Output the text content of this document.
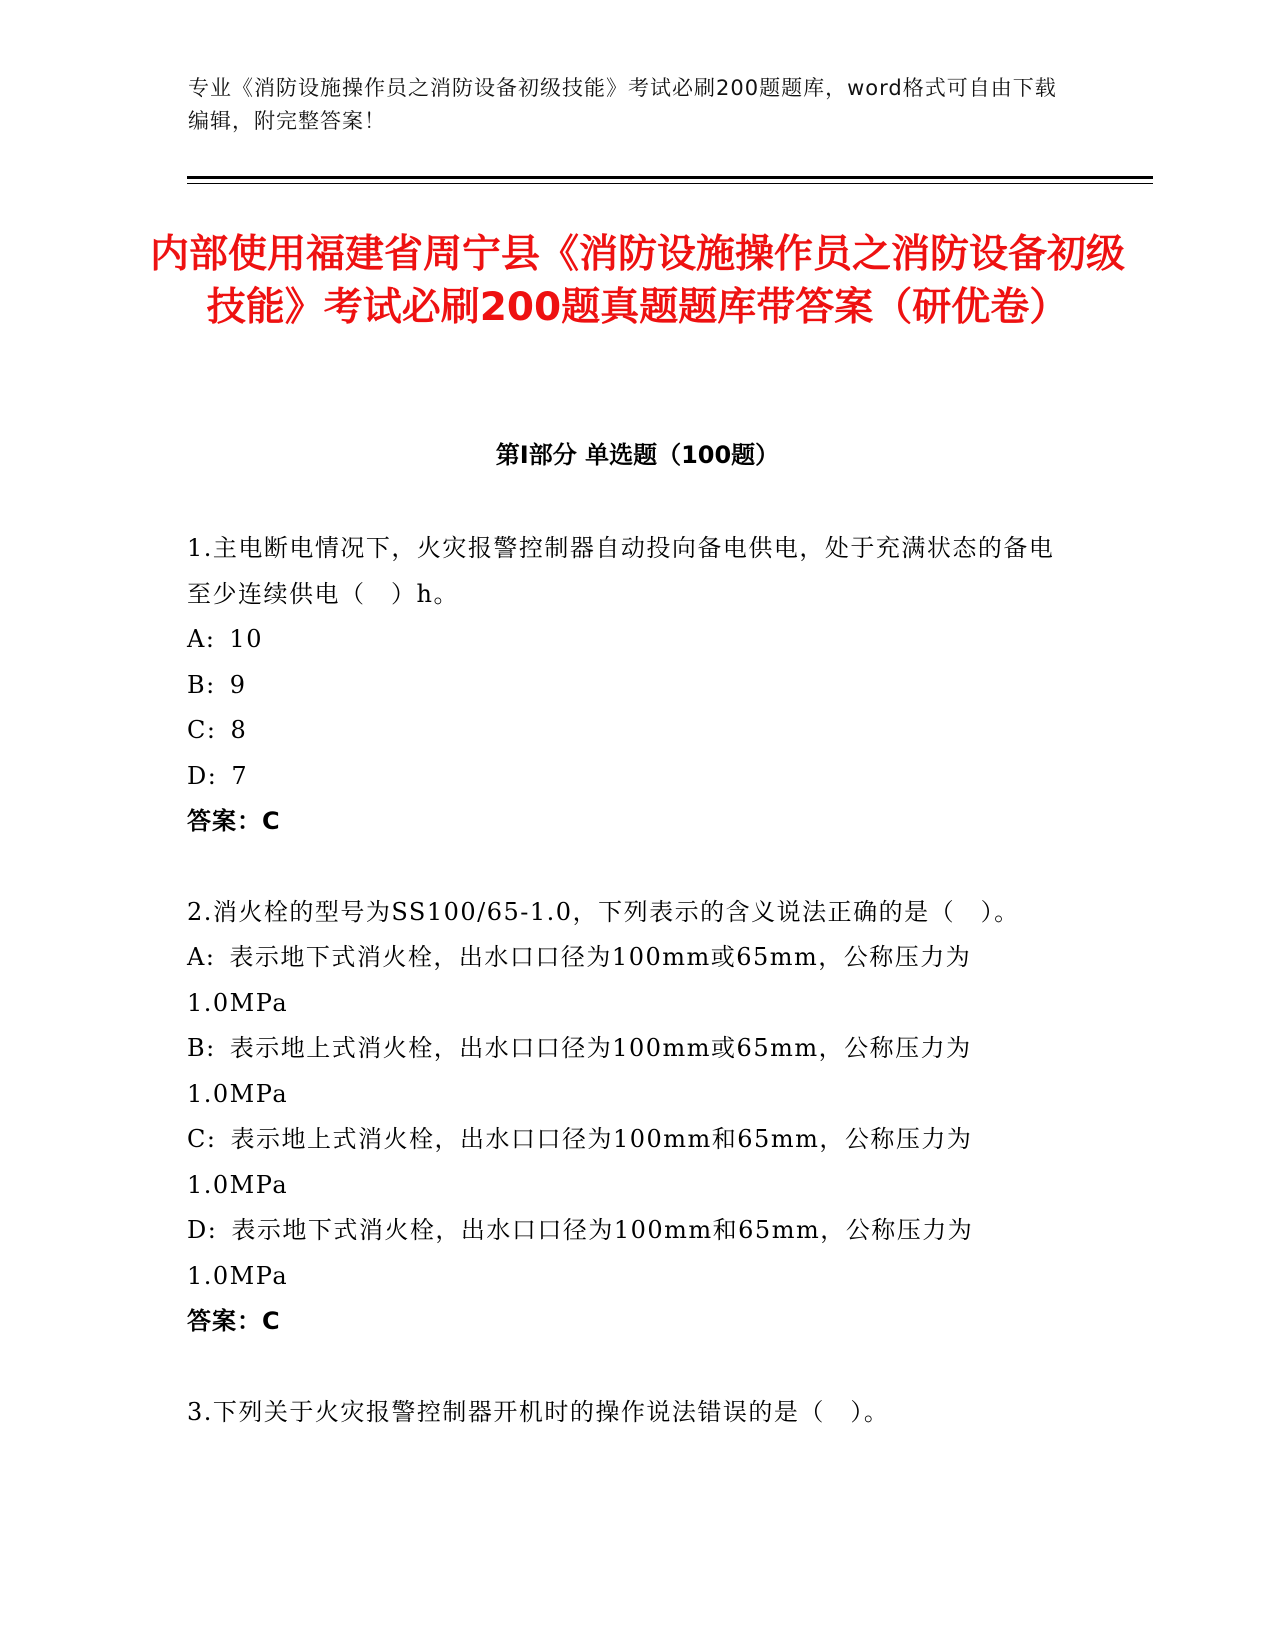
专业《消防设施操作员之消防设备初级技能》考试必刷200题题库，word格式可自由下载编辑，附完整答案！
内部使用福建省周宁县《消防设施操作员之消防设备初级技能》考试必刷200题真题题库带答案（研优卷）
第Ⅰ部分 单选题（100题）

1.主电断电情况下，火灾报警控制器自动投向备电供电，处于充满状态的备电至少连续供电（　）h。

A: 10

B: 9

C: 8

D: 7

答案：C

2.消火栓的型号为SS100/65-1.0，下列表示的含义说法正确的是（　）。

A: 表示地下式消火栓，出水口口径为100mm或65mm，公称压力为1.0MPa

B: 表示地上式消火栓，出水口口径为100mm或65mm，公称压力为1.0MPa

C: 表示地上式消火栓，出水口口径为100mm和65mm，公称压力为1.0MPa

D: 表示地下式消火栓，出水口口径为100mm和65mm，公称压力为1.0MPa

答案：C

3.下列关于火灾报警控制器开机时的操作说法错误的是（　）。
